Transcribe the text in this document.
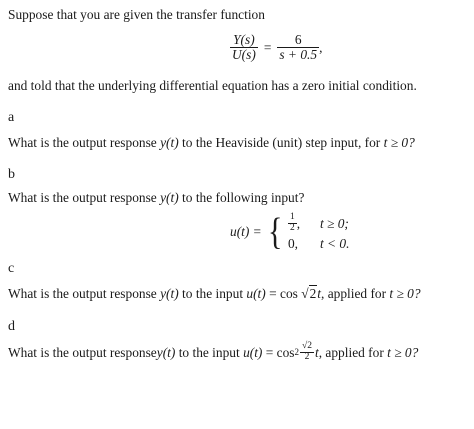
Suppose that you are given the transfer function
$\frac{Y(s)}{U(s)} = \frac{6}{s + 0.5}$ ,
and told that the underlying differential equation has a zero initial condition.
a
What is the output response y(t) to the Heaviside (unit) step input, for t ≥ 0?
b
What is the output response y(t) to the following input?
u(t) = { $\frac{1}{2}$ , t ≥ 0;
0,	t < 0.
c
What is the output response y(t) to the input u(t) = cos √2t, applied for t ≥ 0?
d
What is the output response y(t) to the input $u(t) = \cos 2 \frac{√2}{2}$ t , applied for t ≥ 0?
